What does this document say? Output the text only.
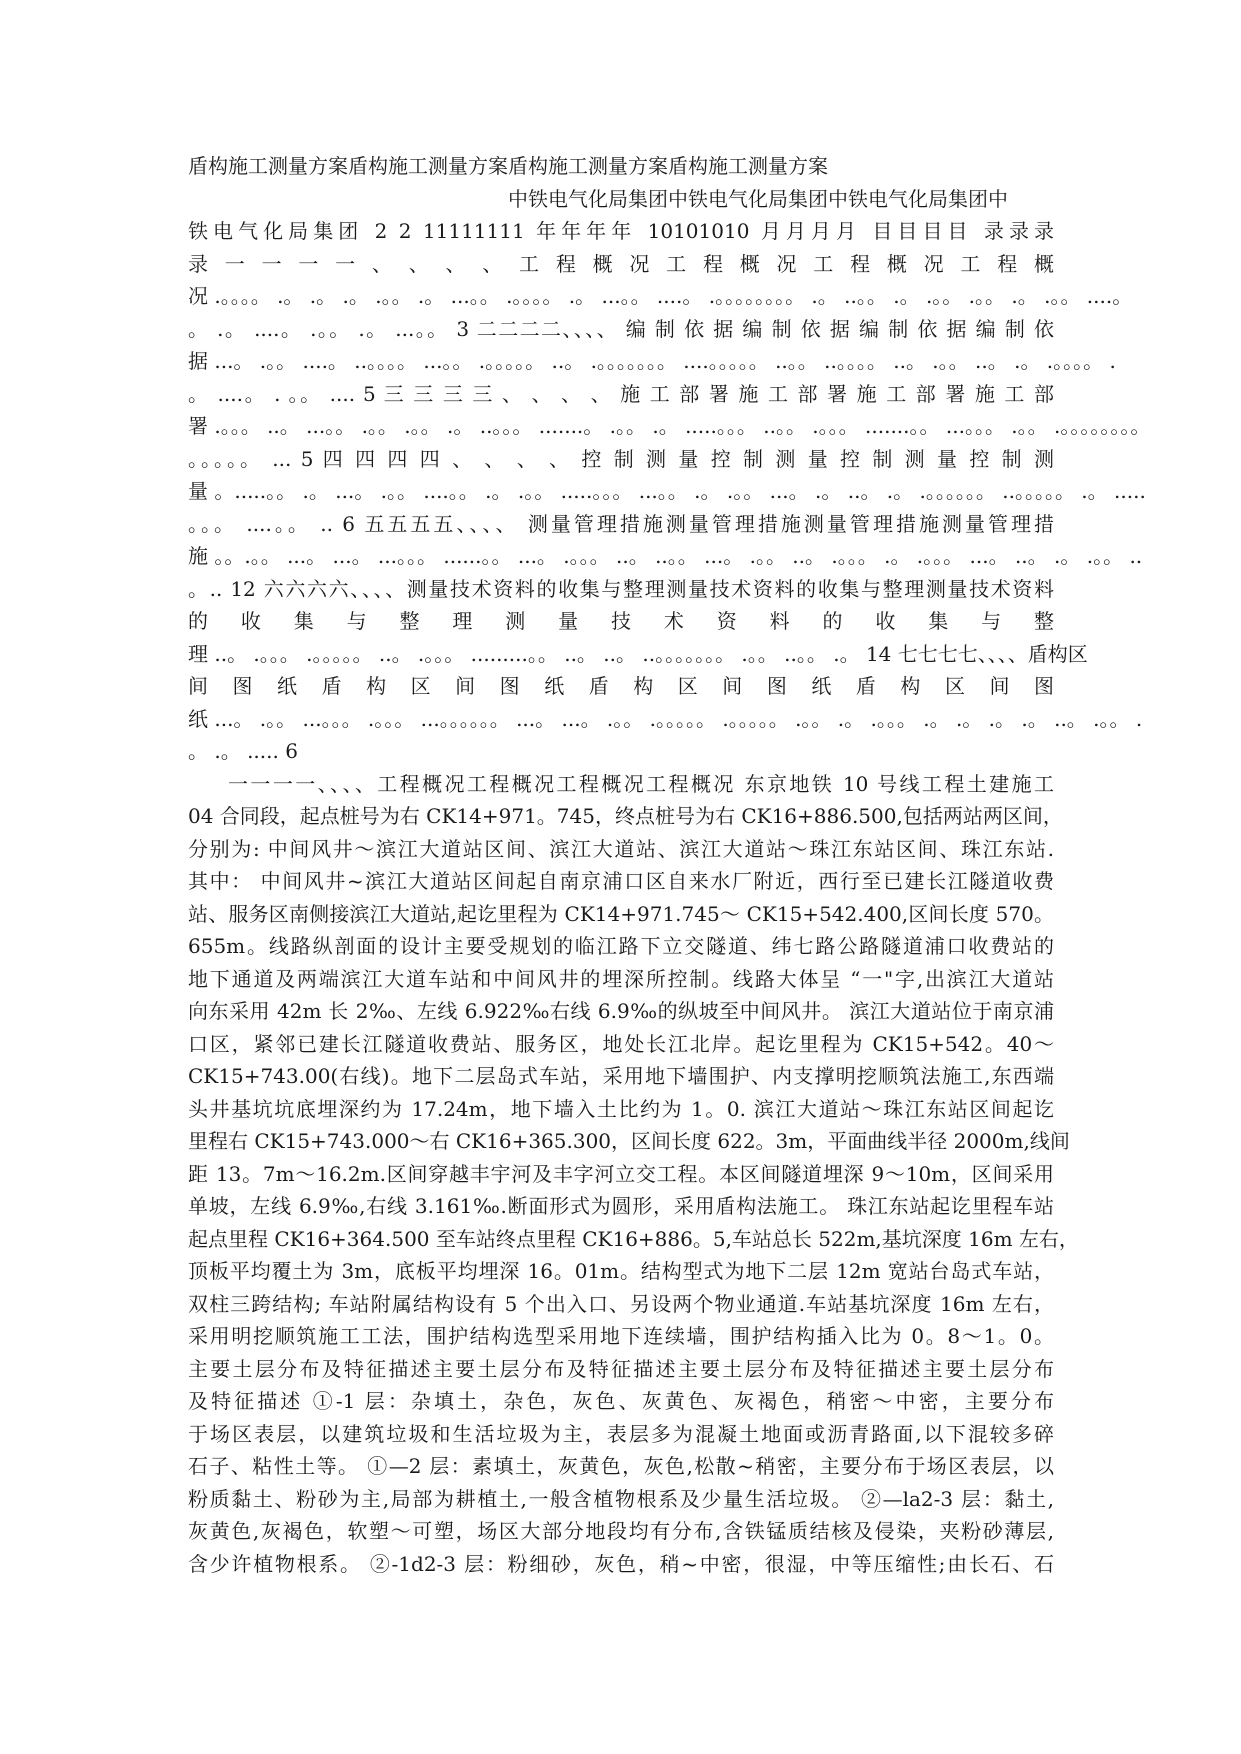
盾构施工测量方案盾构施工测量方案盾构施工测量方案盾构施工测量方案
中铁电气化局集团中铁电气化局集团中铁电气化局集团中
铁电气化局集团 2 2 11111111 年年年年 10101010 月月月月 目目目目 录录录
录 一 一 一 一 、 、 、 、 工 程 概 况 工 程 概 况 工 程 概 况 工 程 概
况 .。。。。 .。 .。 .。 .。。 .。 ...。。 .。。。。 .。 ...。。 ....。 .。。。。。。。。 .。 ..。。 .。 .。。 .。。 .。 .。。 ....。
。 .。 ....。 .。。 .。 ...。。 3 二二二二、、、、 编 制 依 据 编 制 依 据 编 制 依 据 编 制 依
据 ...。 .。。 ....。 ..。。。。 ...。。 .。。。。。 ..。 .。。。。。。。 ....。。。。。 ..。。 ..。。。。 ..。 .。。 ..。 .。 .。。。。 .
。 ....。 . 。。 .... 5 三 三 三 三 、 、 、 、 施 工 部 署 施 工 部 署 施 工 部 署 施 工 部
署 .。。。 ..。 ...。。 .。。 .。。 .。 ..。。。 .......。 .。。 .。 .....。。。 ..。。 .。。。 .......。。 ...。。。 .。。 .。。。。。。。。
。。。。。 ... 5 四 四 四 四 、 、 、 、 控 制 测 量 控 制 测 量 控 制 测 量 控 制 测
量 。.....。。 .。 ...。 .。。 ....。。 .。 .。。 .....。。。 ...。。 .。 .。。 ...。 .。 ..。 .。 .。。。。。。 ..。。。。。 .。 .....
。。。 ....。。 .. 6 五五五五、、、、 测量管理措施测量管理措施测量管理措施测量管理措
施 。。.。。 ...。 ...。 ...。。。 ......。。 ...。 .。。。 ..。 ..。。 ...。 .。。 ..。 .。。。 .。 .。。。 ...。 ..。 .。 .。。 ..
。.. 12 六六六六、、、、测量技术资料的收集与整理测量技术资料的收集与整理测量技术资料
的 收 集 与 整 理 测 量 技 术 资 料 的 收 集 与 整
理 ..。 .。。。 .。。。。。 ..。 .。。。 .........。。 ..。 ..。 ..。。。。。。。 .。。 ..。。 .。 14 七七七七、、、、盾构区
间 图 纸 盾 构 区 间 图 纸 盾 构 区 间 图 纸 盾 构 区 间 图
纸 ...。 .。。 ...。。。 .。。。 ...。。。。。。 ...。 ...。 .。。 .。。。。。 .。。。。。 .。。 .。 .。。。 .。 .。 .。 .。 ..。 .。。 .
。 .。 ..... 6
一一一一、、、、工程概况工程概况工程概况工程概况 东京地铁 10 号线工程土建施工
04 合同段，起点桩号为右 CK14+971。745，终点桩号为右 CK16+886.500,包括两站两区间，
分别为: 中间风井～滨江大道站区间、滨江大道站、滨江大道站～珠江东站区间、珠江东站.
其中： 中间风井~滨江大道站区间起自南京浦口区自来水厂附近，西行至已建长江隧道收费
站、服务区南侧接滨江大道站,起讫里程为 CK14+971.745～ CK15+542.400,区间长度 570。
655m。线路纵剖面的设计主要受规划的临江路下立交隧道、纬七路公路隧道浦口收费站的
地下通道及两端滨江大道车站和中间风井的埋深所控制。线路大体呈 “一"字,出滨江大道站
向东采用 42m 长 2‰、左线 6.922‰右线 6.9‰的纵坡至中间风井。 滨江大道站位于南京浦
口区，紧邻已建长江隧道收费站、服务区，地处长江北岸。起讫里程为 CK15+542。40～
CK15+743.00(右线)。地下二层岛式车站，采用地下墙围护、内支撑明挖顺筑法施工,东西端
头井基坑坑底埋深约为 17.24m，地下墙入土比约为 1。0. 滨江大道站～珠江东站区间起讫
里程右 CK15+743.000～右 CK16+365.300，区间长度 622。3m，平面曲线半径 2000m,线间
距 13。7m～16.2m.区间穿越丰宇河及丰字河立交工程。本区间隧道埋深 9～10m，区间采用
单坡，左线 6.9‰,右线 3.161‰.断面形式为圆形，采用盾构法施工。 珠江东站起讫里程车站
起点里程 CK16+364.500 至车站终点里程 CK16+886。5,车站总长 522m,基坑深度 16m 左右，
顶板平均覆土为 3m，底板平均埋深 16。01m。结构型式为地下二层 12m 宽站台岛式车站，
双柱三跨结构; 车站附属结构设有 5 个出入口、另设两个物业通道.车站基坑深度 16m 左右，
采用明挖顺筑施工工法，围护结构选型采用地下连续墙，围护结构插入比为 0。8～1。0。
主要土层分布及特征描述主要土层分布及特征描述主要土层分布及特征描述主要土层分布
及特征描述 ①-1 层：杂填土，杂色，灰色、灰黄色、灰褐色，稍密～中密，主要分布
于场区表层，以建筑垃圾和生活垃圾为主，表层多为混凝土地面或沥青路面,以下混较多碎
石子、粘性土等。 ①—2 层：素填土，灰黄色，灰色,松散~稍密，主要分布于场区表层，以
粉质黏土、粉砂为主,局部为耕植土,一般含植物根系及少量生活垃圾。 ②—la2-3 层：黏土,
灰黄色,灰褐色，软塑～可塑，场区大部分地段均有分布,含铁锰质结核及侵染，夹粉砂薄层,
含少许植物根系。 ②-1d2-3 层：粉细砂，灰色，稍~中密，很湿，中等压缩性;由长石、石
